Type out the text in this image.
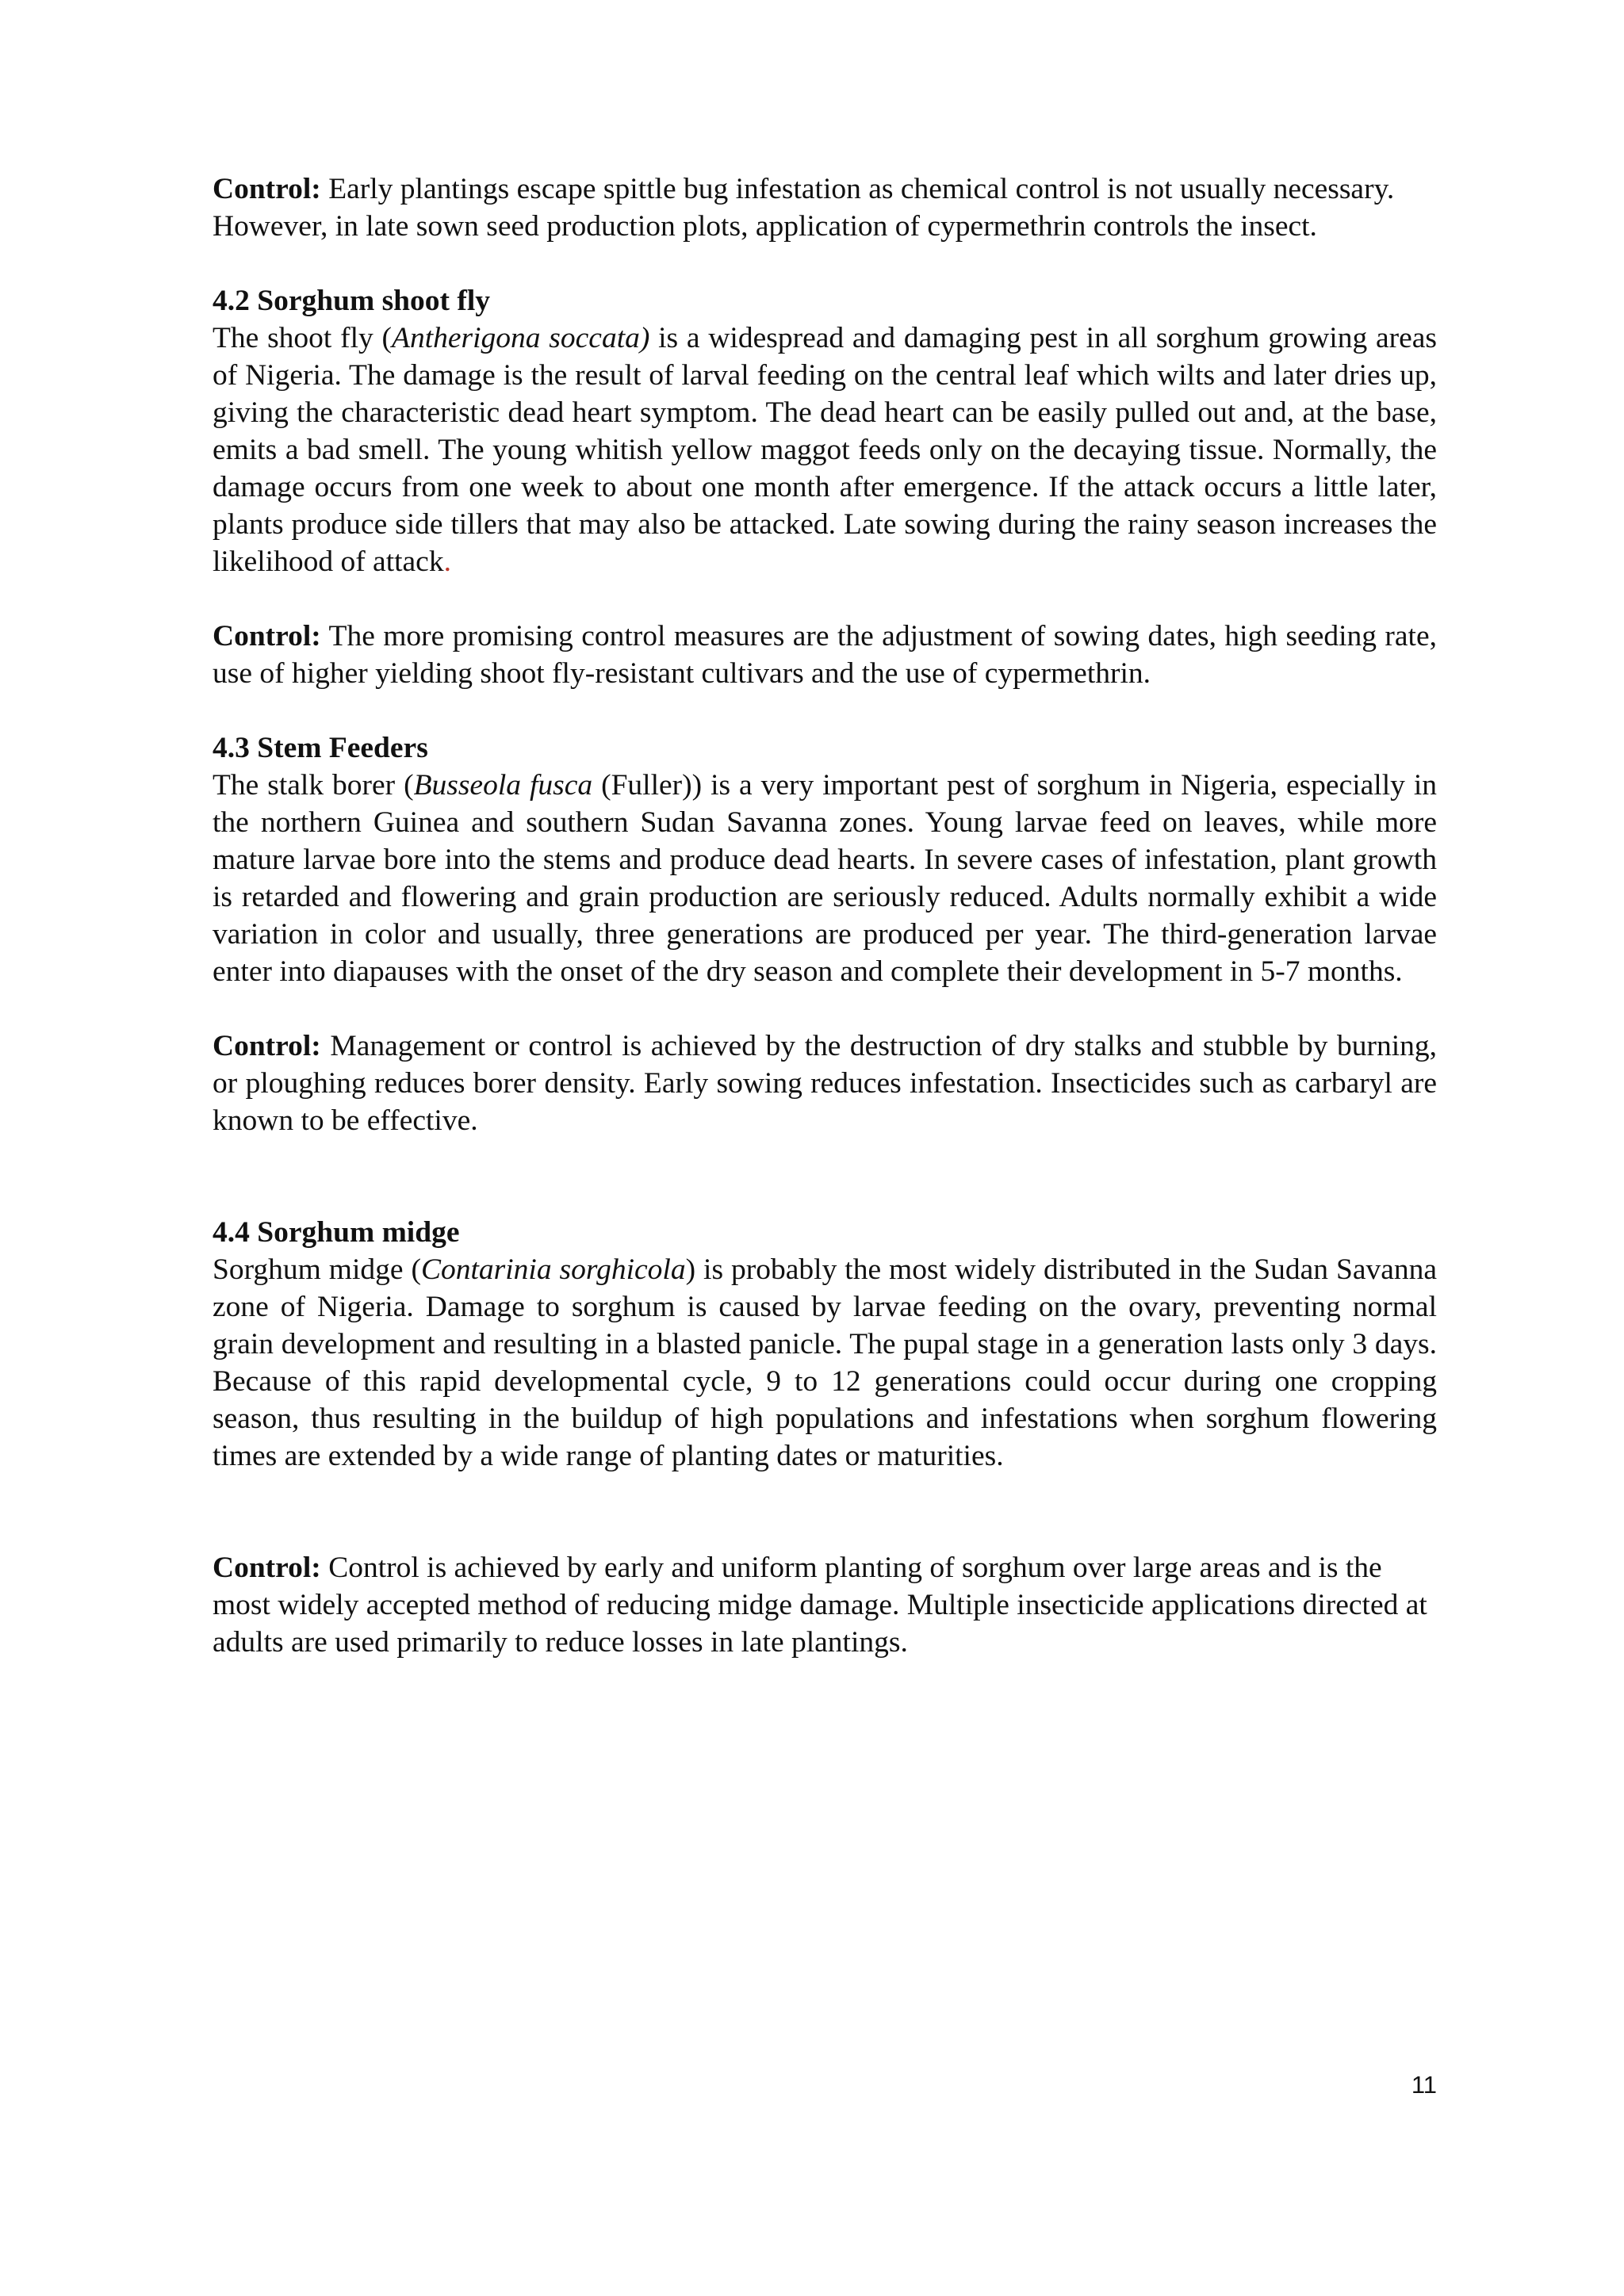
Control: Early plantings escape spittle bug infestation as chemical control is not usually necessary. However, in late sown seed production plots, application of cypermethrin controls the insect.

4.2 Sorghum shoot fly

The shoot fly (Antherigona soccata) is a widespread and damaging pest in all sorghum growing areas of Nigeria. The damage is the result of larval feeding on the central leaf which wilts and later dries up, giving the characteristic dead heart symptom. The dead heart can be easily pulled out and, at the base, emits a bad smell. The young whitish yellow maggot feeds only on the decaying tissue. Normally, the damage occurs from one week to about one month after emergence. If the attack occurs a little later, plants produce side tillers that may also be attacked. Late sowing during the rainy season increases the likelihood of attack.

Control: The more promising control measures are the adjustment of sowing dates, high seeding rate, use of higher yielding shoot fly-resistant cultivars and the use of cypermethrin.

4.3 Stem Feeders

The stalk borer (Busseola fusca (Fuller)) is a very important pest of sorghum in Nigeria, especially in the northern Guinea and southern Sudan Savanna zones. Young larvae feed on leaves, while more mature larvae bore into the stems and produce dead hearts. In severe cases of infestation, plant growth is retarded and flowering and grain production are seriously reduced. Adults normally exhibit a wide variation in color and usually, three generations are produced per year. The third-generation larvae enter into diapauses with the onset of the dry season and complete their development in 5-7 months.

Control: Management or control is achieved by the destruction of dry stalks and stubble by burning, or ploughing reduces borer density. Early sowing reduces infestation. Insecticides such as carbaryl are known to be effective.

4.4 Sorghum midge

Sorghum midge (Contarinia sorghicola) is probably the most widely distributed in the Sudan Savanna zone of Nigeria. Damage to sorghum is caused by larvae feeding on the ovary, preventing normal grain development and resulting in a blasted panicle. The pupal stage in a generation lasts only 3 days. Because of this rapid developmental cycle, 9 to 12 generations could occur during one cropping season, thus resulting in the buildup of high populations and infestations when sorghum flowering times are extended by a wide range of planting dates or maturities.

Control: Control is achieved by early and uniform planting of sorghum over large areas and is the most widely accepted method of reducing midge damage. Multiple insecticide applications directed at adults are used primarily to reduce losses in late plantings.

11
